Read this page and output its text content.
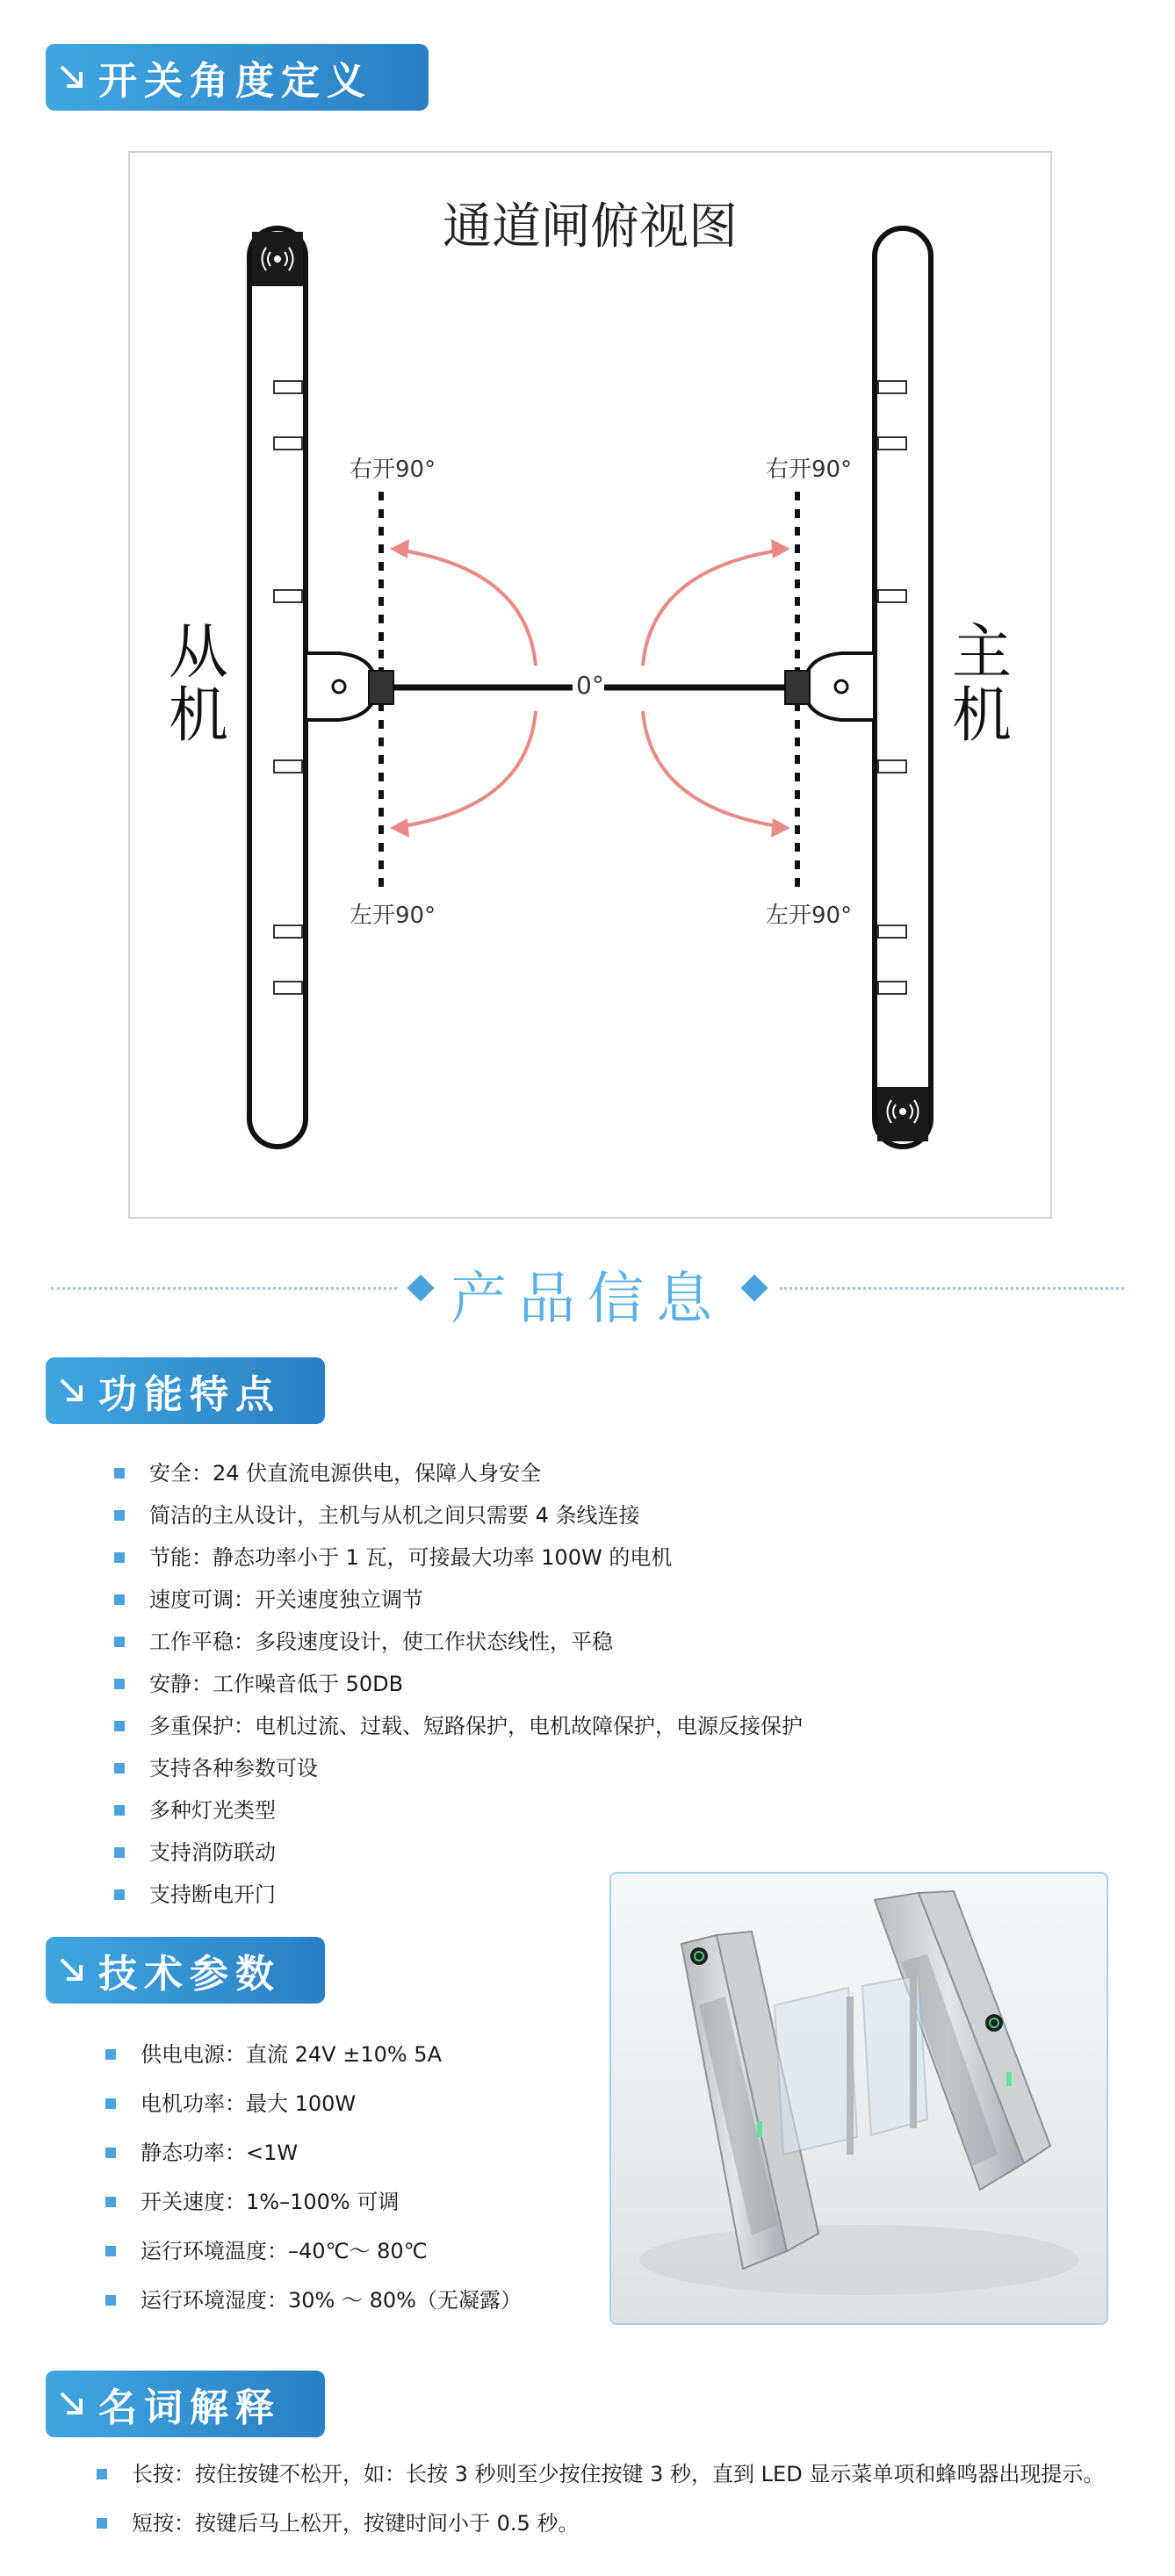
开关角度定义
通道闸俯视图
从
机
主
机
右开90°	右开90°
左开90°	左开90°
0°
产品信息
功能特点
安全：24 伏直流电源供电，保障人身安全
简洁的主从设计，主机与从机之间只需要 4 条线连接
节能：静态功率小于 1 瓦，可接最大功率 100W 的电机
速度可调：开关速度独立调节
工作平稳：多段速度设计，使工作状态线性，平稳
安静：工作噪音低于 50DB
多重保护：电机过流、过载、短路保护，电机故障保护，电源反接保护
支持各种参数可设
多种灯光类型
支持消防联动
支持断电开门
技术参数
供电电源：直流 24V ±10% 5A
电机功率：最大 100W
静态功率：<1W
开关速度：1%–100% 可调
运行环境温度：–40℃～ 80℃
运行环境湿度：30% ～ 80%（无凝露）
名词解释
长按：按住按键不松开，如：长按 3 秒则至少按住按键 3 秒，直到 LED 显示菜单项和蜂鸣器出现提示。
短按：按键后马上松开，按键时间小于 0.5 秒。
